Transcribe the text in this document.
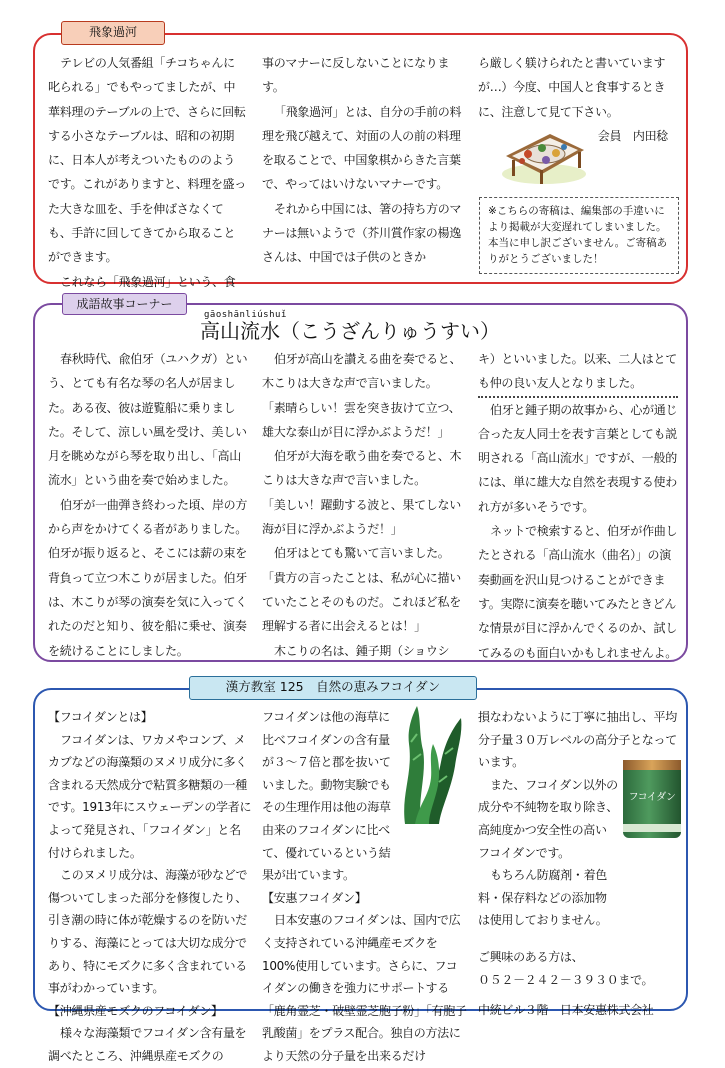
飛象過河

テレビの人気番組「チコちゃんに叱られる」でもやってましたが、中華料理のテーブルの上で、さらに回転する小さなテーブルは、昭和の初期に、日本人が考えついたもののようです。これがありますと、料理を盛った大きな皿を、手を伸ばさなくても、手許に回してきてから取ることができます。

これなら「飛象過河」という、食

事のマナーに反しないことになります。

「飛象過河」とは、自分の手前の料理を飛び越えて、対面の人の前の料理を取ることで、中国象棋からきた言葉で、やってはいけないマナーです。

それから中国には、箸の持ち方のマナーは無いようで（芥川賞作家の楊逸さんは、中国では子供のときか

ら厳しく躾けられたと書いていますが…）今度、中国人と食事するときに、注意して見て下さい。

会員　内田稔

※こちらの寄稿は、編集部の手違いにより掲載が大変遅れてしまいました。本当に申し訳ございません。ご寄稿ありがとうございました！
成語故事コーナー
gāoshānliúshuǐ
高山流水（こうざんりゅうすい）

春秋時代、兪伯牙（ユハクガ）という、とても有名な琴の名人が居ました。ある夜、彼は遊覧船に乗りました。そして、涼しい風を受け、美しい月を眺めながら琴を取り出し、「高山流水」という曲を奏で始めました。

伯牙が一曲弾き終わった頃、岸の方から声をかけてくる者がありました。伯牙が振り返ると、そこには薪の束を背負って立つ木こりが居ました。伯牙は、木こりが琴の演奏を気に入ってくれたのだと知り、彼を船に乗せ、演奏を続けることにしました。

伯牙が高山を讃える曲を奏でると、木こりは大きな声で言いました。

「素晴らしい！雲を突き抜けて立つ、雄大な泰山が目に浮かぶようだ！」

伯牙が大海を歌う曲を奏でると、木こりは大きな声で言いました。

「美しい！躍動する波と、果てしない海が目に浮かぶようだ！」

伯牙はとても驚いて言いました。

「貴方の言ったことは、私が心に描いていたことそのものだ。これほど私を理解する者に出会えるとは！」

木こりの名は、鍾子期（ショウシ

キ）といいました。以来、二人はとても仲の良い友人となりました。

伯牙と鍾子期の故事から、心が通じ合った友人同士を表す言葉としても説明される「高山流水」ですが、一般的には、単に雄大な自然を表現する使われ方が多いそうです。

ネットで検索すると、伯牙が作曲したとされる「高山流水（曲名）」の演奏動画を沢山見つけることができます。実際に演奏を聴いてみたときどんな情景が目に浮かんでくるのか、試してみるのも面白いかもしれませんよ。

漢方教室 125　自然の恵みフコイダン

【フコイダンとは】

フコイダンは、ワカメやコンブ、メカブなどの海藻類のヌメリ成分に多く含まれる天然成分で粘質多糖類の一種です。1913年にスウェーデンの学者によって発見され、「フコイダン」と名付けられました。

このヌメリ成分は、海藻が砂などで傷ついてしまった部分を修復したり、引き潮の時に体が乾燥するのを防いだりする、海藻にとっては大切な成分であり、特にモズクに多く含まれている事がわかっています。

【沖縄県産モズクのフコイダン】

様々な海藻類でフコイダン含有量を調べたところ、沖縄県産モズクの

フコイダンは他の海草に比べフコイダンの含有量が３～７倍と郡を抜いていました。動物実験でもその生理作用は他の海草由来のフコイダンに比べて、優れているという結果が出ています。

【安惠フコイダン】

日本安惠のフコイダンは、国内で広く支持されている沖縄産モズクを100%使用しています。さらに、フコイダンの働きを強力にサポートする「鹿角霊芝・破壁霊芝胞子粉」「有胞子乳酸菌」をプラス配合。独自の方法により天然の分子量を出来るだけ

損なわないように丁寧に抽出し、平均分子量３０万レベルの高分子となっています。

また、フコイダン以外の成分や不純物を取り除き、高純度かつ安全性の高いフコイダンです。

もちろん防腐剤・着色料・保存料などの添加物は使用しておりません。

ご興味のある方は、

０５２－２４２－３９３０まで。

中統ビル３階　日本安惠株式会社

フコイダン
